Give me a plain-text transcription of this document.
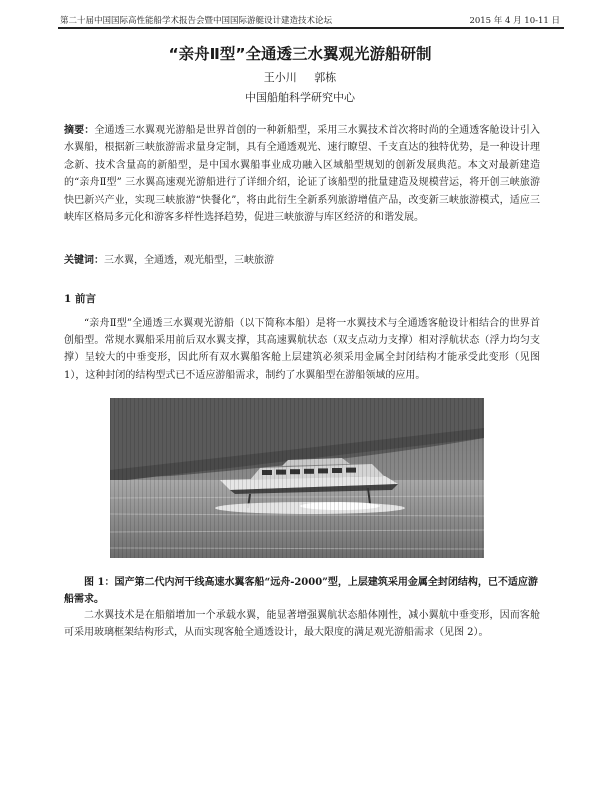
第二十届中国国际高性能船学术报告会暨中国国际游艇设计建造技术论坛	2015 年 4 月 10-11 日
“亲舟Ⅱ型”全通透三水翼观光游船研制
王小川 郭栋
中国船舶科学研究中心

摘要：全通透三水翼观光游船是世界首创的一种新船型，采用三水翼技术首次将时尚的全通透客舱设计引入水翼船，根据新三峡旅游需求量身定制，具有全通透观光、速行瞭望、千支直达的独特优势，是一种设计理念新、技术含量高的新船型，是中国水翼船事业成功融入区域船型规划的创新发展典范。本文对最新建造的“亲舟Ⅱ型” 三水翼高速观光游船进行了详细介绍，论证了该船型的批量建造及规模营运，将开创三峡旅游快巴新兴产业，实现三峡旅游“快餐化”，将由此衍生全新系列旅游增值产品，改变新三峡旅游模式，适应三峡库区格局多元化和游客多样性选择趋势，促进三峡旅游与库区经济的和谐发展。

关键词：三水翼，全通透，观光船型，三峡旅游

1 前言

“亲舟Ⅱ型”全通透三水翼观光游船（以下简称本船）是将一水翼技术与全通透客舱设计相结合的世界首创船型。常规水翼船采用前后双水翼支撑，其高速翼航状态（双支点动力支撑）相对浮航状态（浮力均匀支撑）呈较大的中垂变形，因此所有双水翼船客舱上层建筑必须采用金属全封闭结构才能承受此变形（见图 1），这种封闭的结构型式已不适应游船需求，制约了水翼船型在游船领域的应用。

图 1：国产第二代内河干线高速水翼客船“远舟-2000”型，上层建筑采用金属全封闭结构，已不适应游船需求。

二水翼技术是在船艏增加一个承载水翼，能显著增强翼航状态船体刚性，减小翼航中垂变形，因而客舱可采用玻璃框架结构形式，从而实现客舱全通透设计，最大限度的满足观光游船需求（见图 2）。
